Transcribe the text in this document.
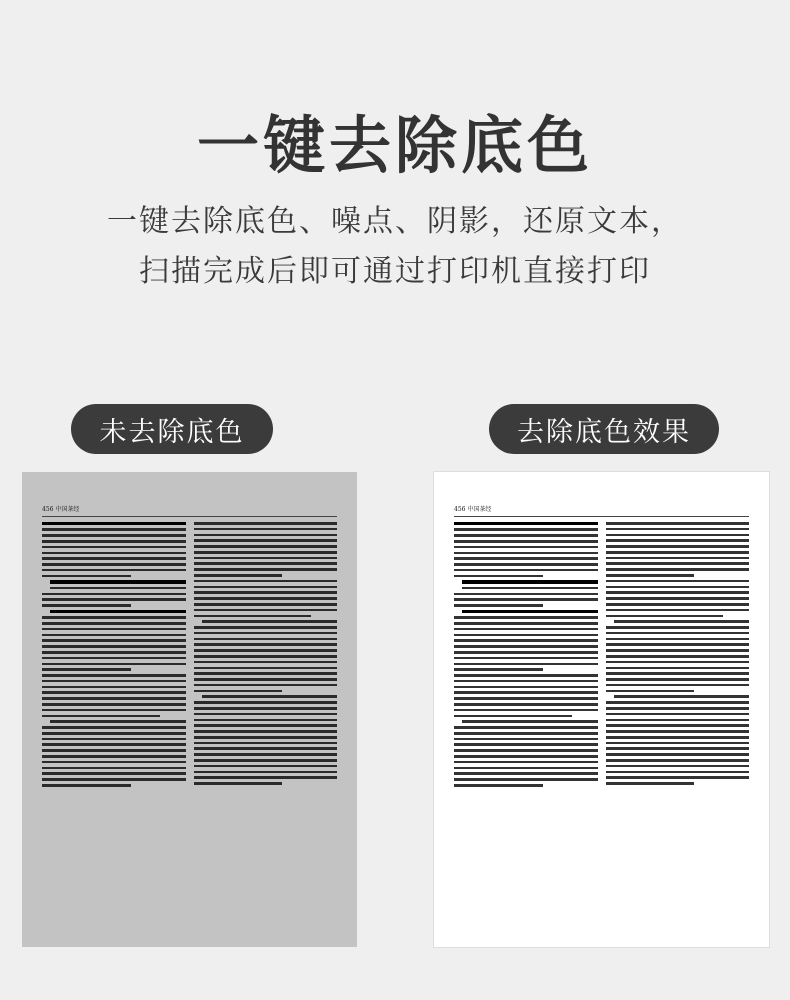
一键去除底色

一键去除底色、噪点、阴影，还原文本，

扫描完成后即可通过打印机直接打印

未去除底色	去除底色效果
456 中国茶经	456 中国茶经
